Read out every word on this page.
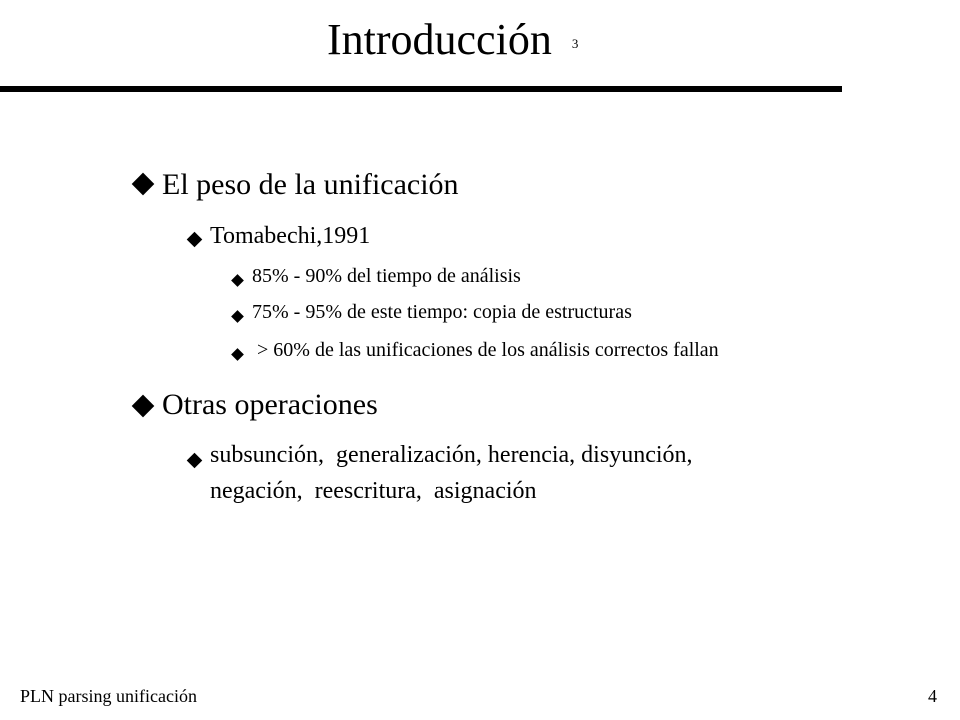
Introducción 3
El peso de la unificación
Tomabechi,1991
85% - 90% del tiempo de análisis
75% - 95% de este tiempo: copia de estructuras
> 60% de las unificaciones de los análisis correctos fallan
Otras operaciones
subsunción,  generalización, herencia, disyunción,
negación,  reescritura,  asignación
PLN parsing unificación	4
